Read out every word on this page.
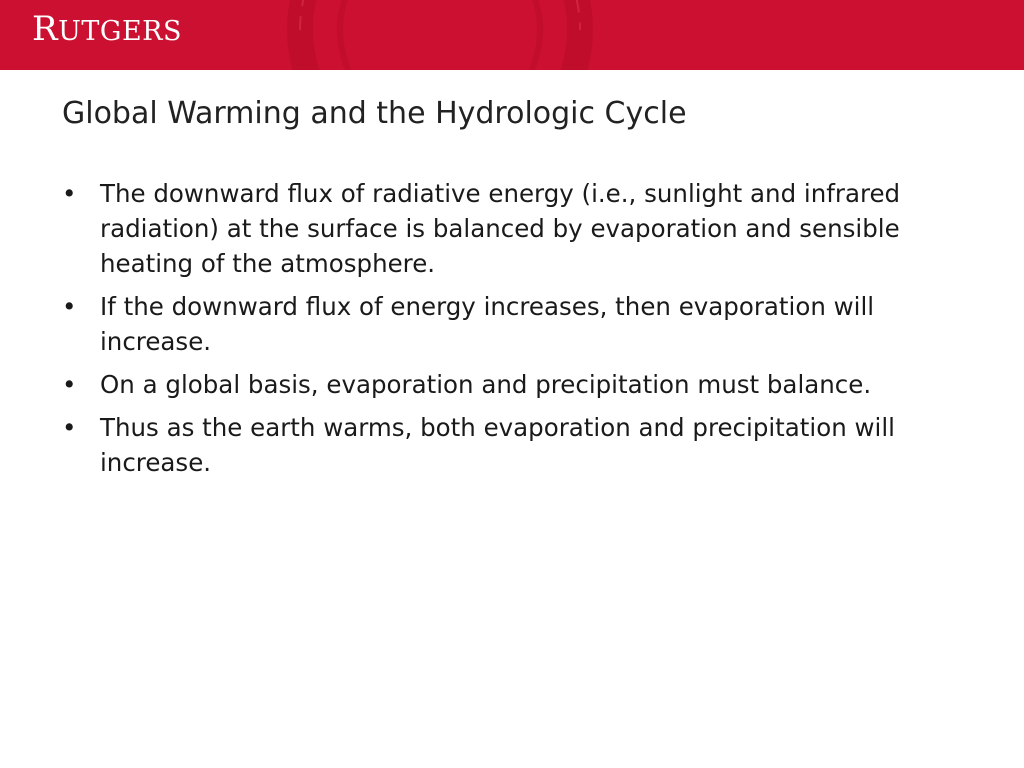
RUTGERS
Global Warming and the Hydrologic Cycle
• The downward flux of radiative energy (i.e., sunlight and infrared radiation) at the surface is balanced by evaporation and sensible heating of the atmosphere.
• If the downward flux of energy increases, then evaporation will increase.
• On a global basis, evaporation and precipitation must balance.
• Thus as the earth warms, both evaporation and precipitation will increase.
